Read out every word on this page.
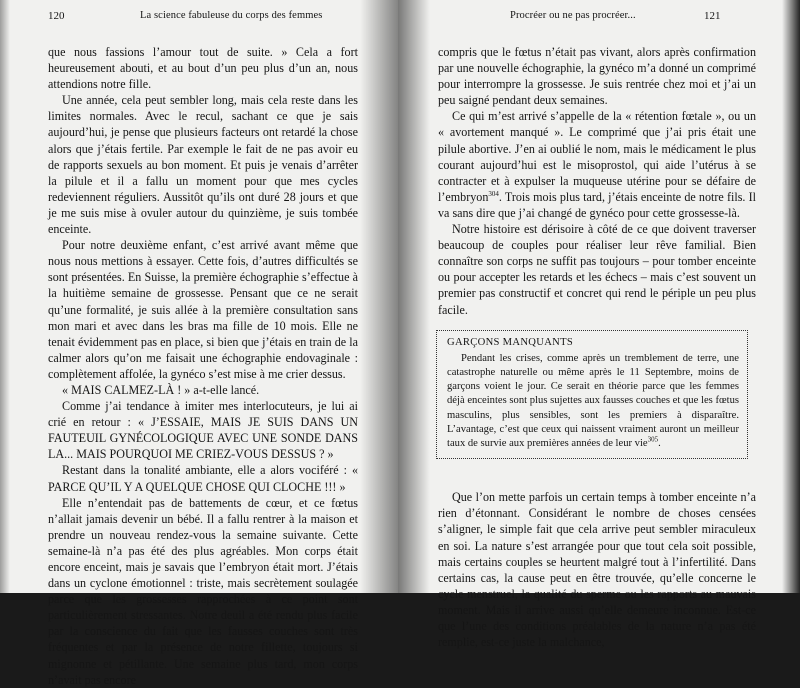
120	La science fabuleuse du corps des femmes

que nous fassions l’amour tout de suite. » Cela a fort heureusement abouti, et au bout d’un peu plus d’un an, nous attendions notre fille.

Une année, cela peut sembler long, mais cela reste dans les limites normales. Avec le recul, sachant ce que je sais aujourd’hui, je pense que plusieurs facteurs ont retardé la chose alors que j’étais fertile. Par exemple le fait de ne pas avoir eu de rapports sexuels au bon moment. Et puis je venais d’arrêter la pilule et il a fallu un moment pour que mes cycles redeviennent réguliers. Aussitôt qu’ils ont duré 28 jours et que je me suis mise à ovuler autour du quinzième, je suis tombée enceinte.

Pour notre deuxième enfant, c’est arrivé avant même que nous nous mettions à essayer. Cette fois, d’autres difficultés se sont présentées. En Suisse, la première échographie s’effectue à la huitième semaine de grossesse. Pensant que ce ne serait qu’une formalité, je suis allée à la première consultation sans mon mari et avec dans les bras ma fille de 10 mois. Elle ne tenait évidemment pas en place, si bien que j’étais en train de la calmer alors qu’on me faisait une échographie endovaginale : complètement affolée, la gynéco s’est mise à me crier dessus.

« MAIS CALMEZ-LÀ ! » a-t-elle lancé.

Comme j’ai tendance à imiter mes interlocuteurs, je lui ai crié en retour : « J’ESSAIE, MAIS JE SUIS DANS UN FAUTEUIL GYNÉCOLOGIQUE AVEC UNE SONDE DANS LA... MAIS POURQUOI ME CRIEZ-VOUS DESSUS ? »

Restant dans la tonalité ambiante, elle a alors vociféré : « PARCE QU’IL Y A QUELQUE CHOSE QUI CLOCHE !!! »

Elle n’entendait pas de battements de cœur, et ce fœtus n’allait jamais devenir un bébé. Il a fallu rentrer à la maison et prendre un nouveau rendez-vous la semaine suivante. Cette semaine-là n’a pas été des plus agréables. Mon corps était encore enceint, mais je savais que l’embryon était mort. J’étais dans un cyclone émotionnel : triste, mais secrètement soulagée parce que les grossesses rapprochées à ce point sont particulièrement stressantes. Notre deuil a été rendu plus facile par la conscience du fait que les fausses couches sont très fréquentes et par la présence de notre fillette, toujours si mignonne et pétillante. Une semaine plus tard, mon corps n’avait pas encore

Procréer ou ne pas procréer...	121

compris que le fœtus n’était pas vivant, alors après confirmation par une nouvelle échographie, la gynéco m’a donné un comprimé pour interrompre la grossesse. Je suis rentrée chez moi et j’ai un peu saigné pendant deux semaines.

Ce qui m’est arrivé s’appelle de la « rétention fœtale », ou un « avortement manqué ». Le comprimé que j’ai pris était une pilule abortive. J’en ai oublié le nom, mais le médicament le plus courant aujourd’hui est le misoprostol, qui aide l’utérus à se contracter et à expulser la muqueuse utérine pour se défaire de l’embryon$^{304}$. Trois mois plus tard, j’étais enceinte de notre fils. Il va sans dire que j’ai changé de gynéco pour cette grossesse-là.

Notre histoire est dérisoire à côté de ce que doivent traverser beaucoup de couples pour réaliser leur rêve familial. Bien connaître son corps ne suffit pas toujours – pour tomber enceinte ou pour accepter les retards et les échecs – mais c’est souvent un premier pas constructif et concret qui rend le périple un peu plus facile.

GARÇONS MANQUANTS

Pendant les crises, comme après un tremblement de terre, une catastrophe naturelle ou même après le 11 Septembre, moins de garçons voient le jour. Ce serait en théorie parce que les femmes déjà enceintes sont plus sujettes aux fausses couches et que les fœtus masculins, plus sensibles, sont les premiers à disparaître. L’avantage, c’est que ceux qui naissent vraiment auront un meilleur taux de survie aux premières années de leur vie$^{305}$.

Que l’on mette parfois un certain temps à tomber enceinte n’a rien d’étonnant. Considérant le nombre de choses censées s’aligner, le simple fait que cela arrive peut sembler miraculeux en soi. La nature s’est arrangée pour que tout cela soit possible, mais certains couples se heurtent malgré tout à l’infertilité. Dans certains cas, la cause peut en être trouvée, qu’elle concerne le cycle menstruel, la qualité du sperme ou les rapports au mauvais moment. Mais il arrive aussi qu’elle demeure inconnue. Est-ce que l’une des conditions préalables de la nature n’a pas été remplie, est-ce juste la malchance,
